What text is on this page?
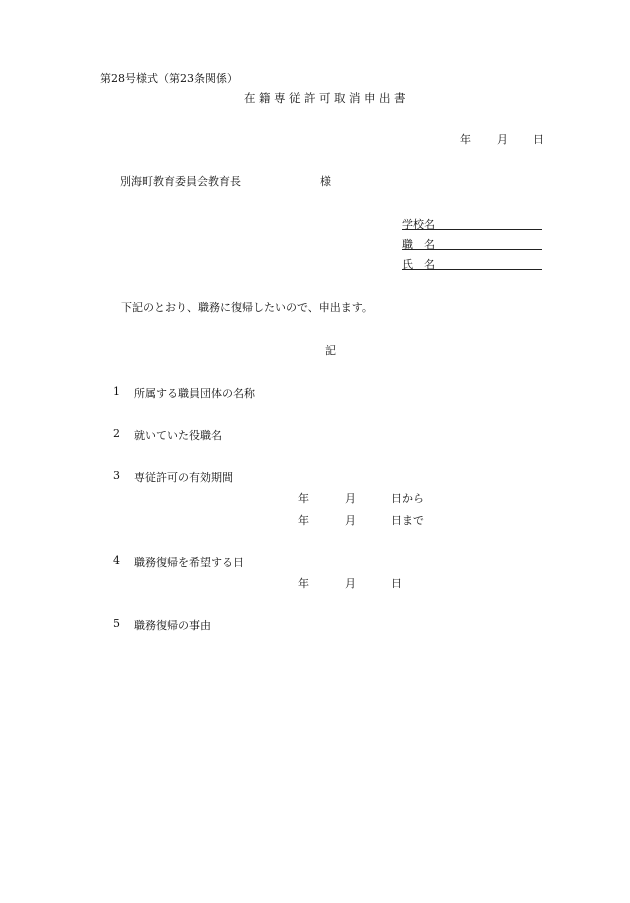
第28号様式（第23条関係）
在籍専従許可取消申出書
年 月 日
別海町教育委員会教育長	様
学校名
職　名
氏　名
下記のとおり、職務に復帰したいので、申出ます。
記
1 所属する職員団体の名称
2 就いていた役職名
3 専従許可の有効期間
年	月	日から
年	月	日まで
4 職務復帰を希望する日
年	月	日
5 職務復帰の事由
